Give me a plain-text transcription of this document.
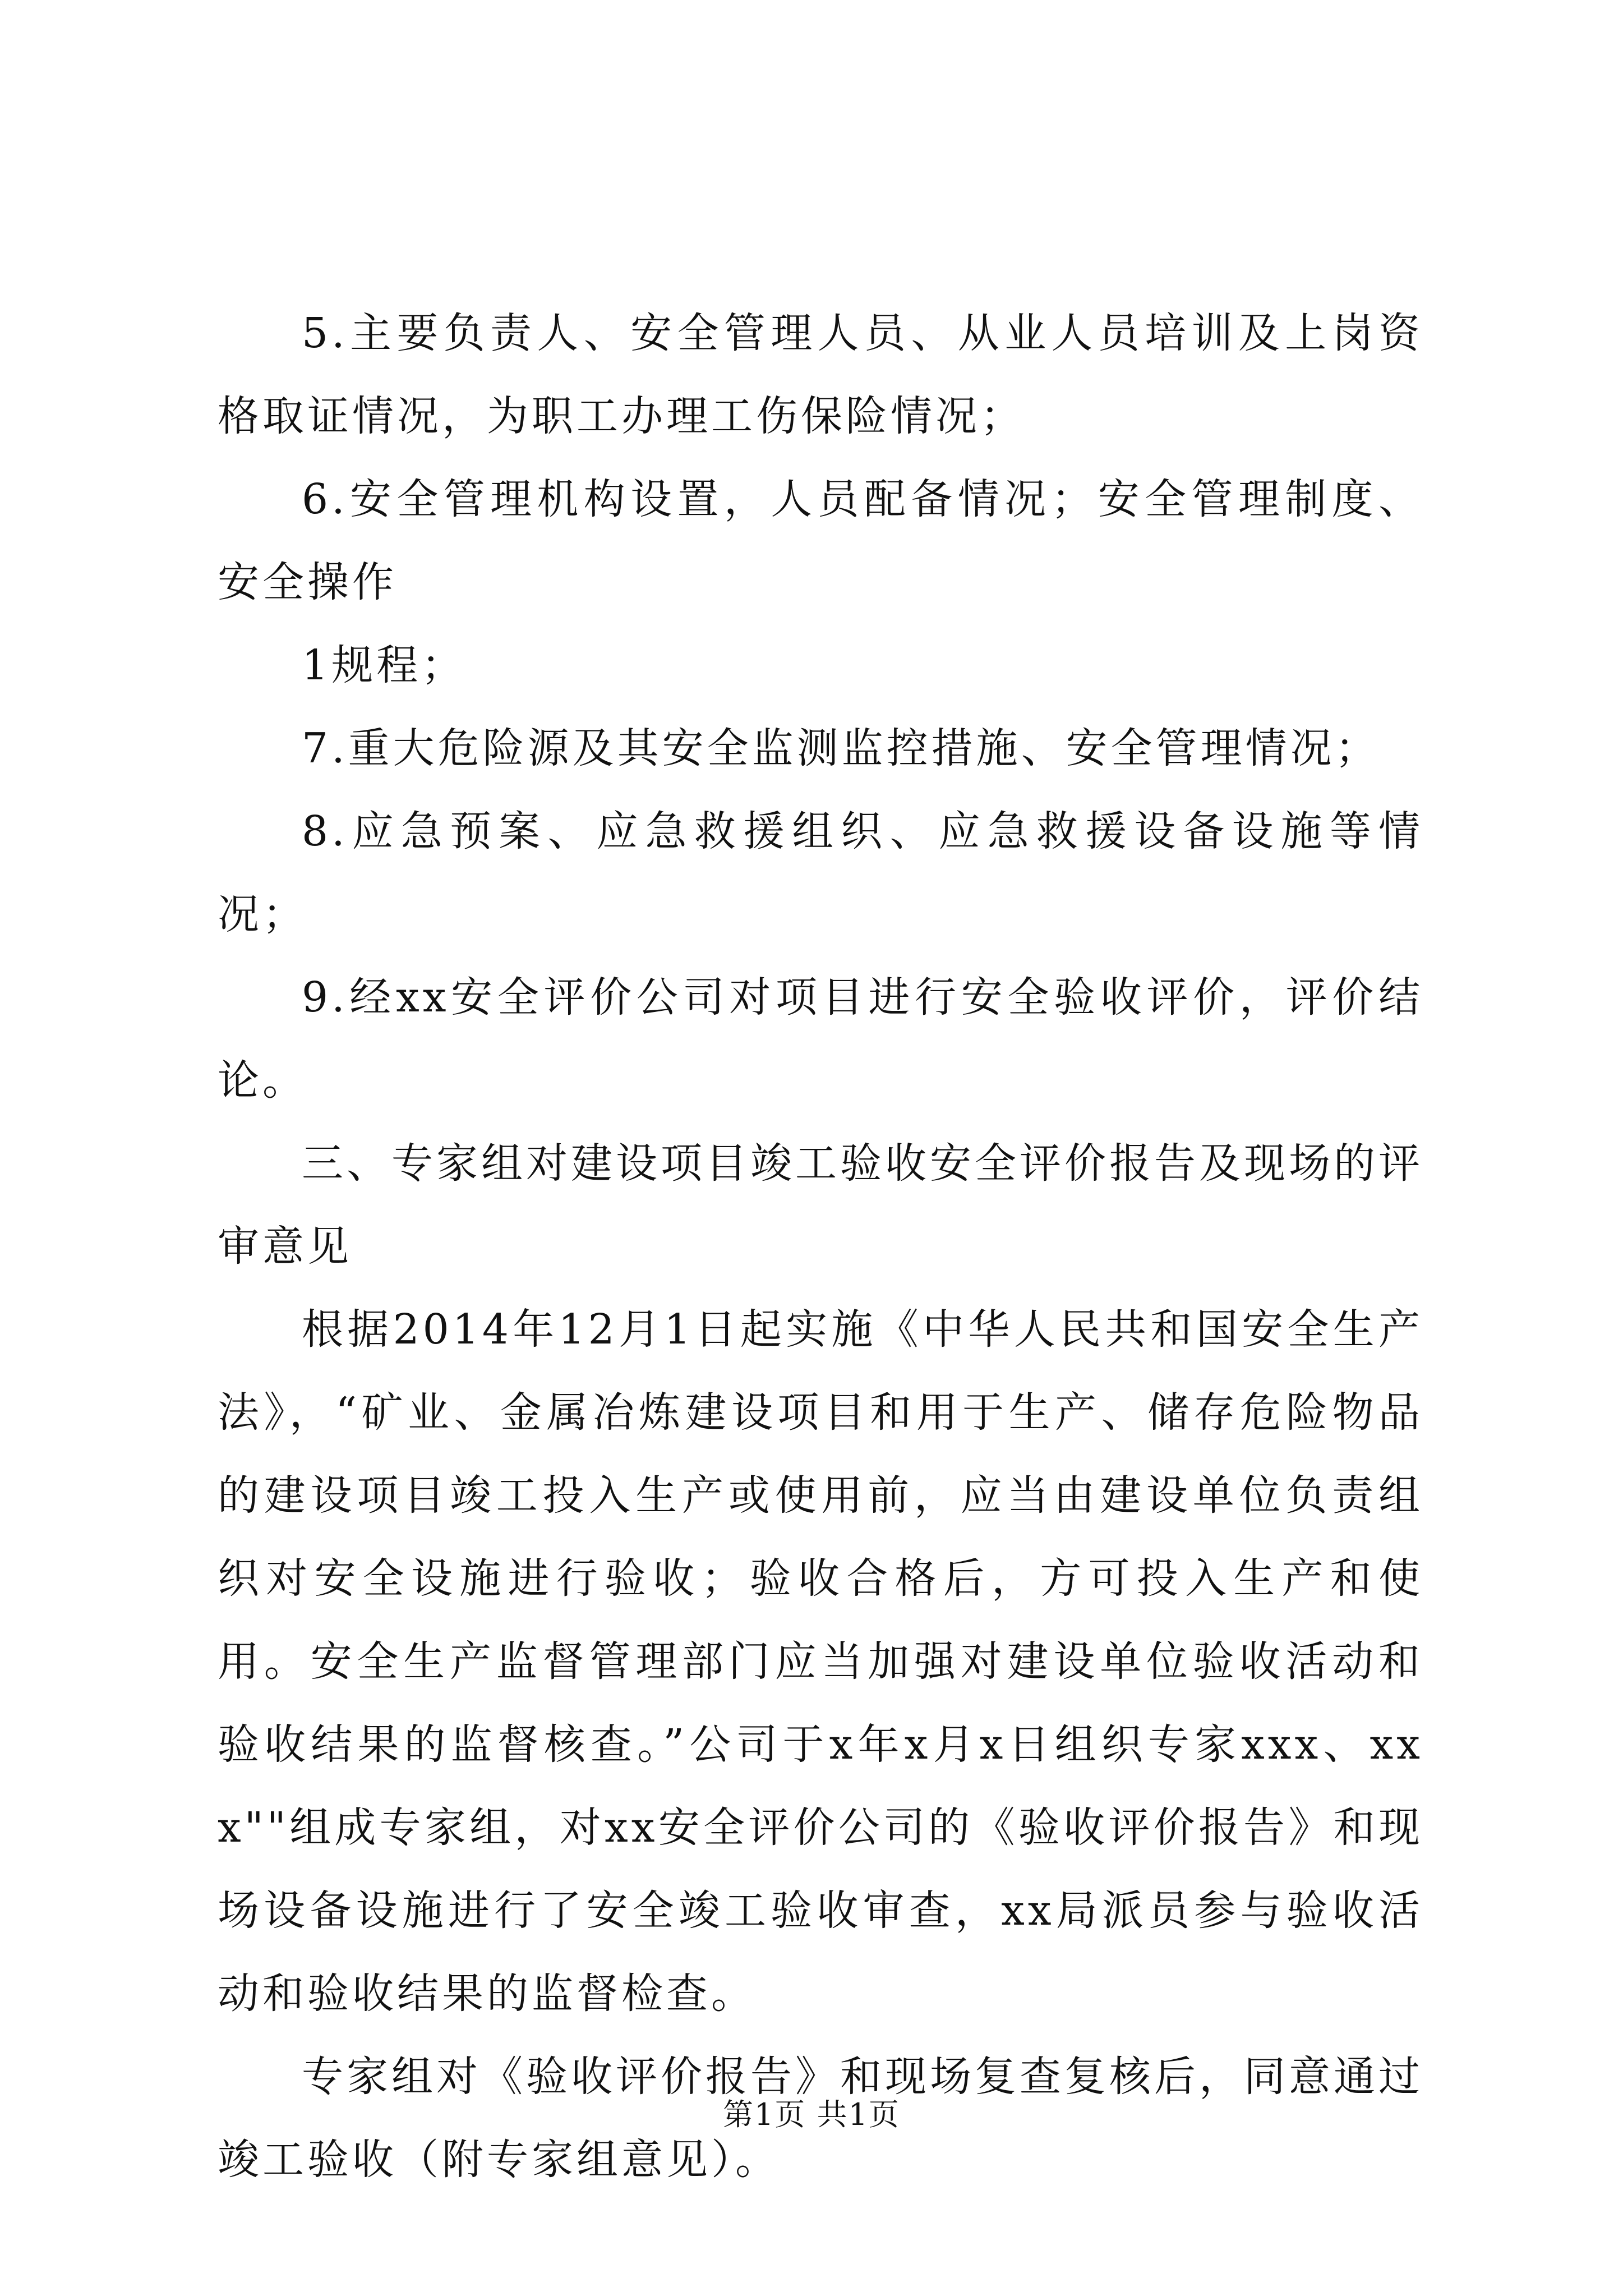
5.主要负责人、安全管理人员、从业人员培训及上岗资格取证情况，为职工办理工伤保险情况；

6.安全管理机构设置，人员配备情况；安全管理制度、安全操作

1规程；

7.重大危险源及其安全监测监控措施、安全管理情况；

8.应急预案、应急救援组织、应急救援设备设施等情况；

9.经xx安全评价公司对项目进行安全验收评价，评价结论。

三、专家组对建设项目竣工验收安全评价报告及现场的评审意见

根据2014年12月1日起实施《中华人民共和国安全生产法》，“矿业、金属冶炼建设项目和用于生产、储存危险物品的建设项目竣工投入生产或使用前，应当由建设单位负责组织对安全设施进行验收；验收合格后，方可投入生产和使用。安全生产监督管理部门应当加强对建设单位验收活动和验收结果的监督核查。”公司于x年x月x日组织专家xxx、xxx""组成专家组，对xx安全评价公司的《验收评价报告》和现场设备设施进行了安全竣工验收审查，xx局派员参与验收活动和验收结果的监督检查。

专家组对《验收评价报告》和现场复查复核后，同意通过竣工验收（附专家组意见）。

第1页 共1页
